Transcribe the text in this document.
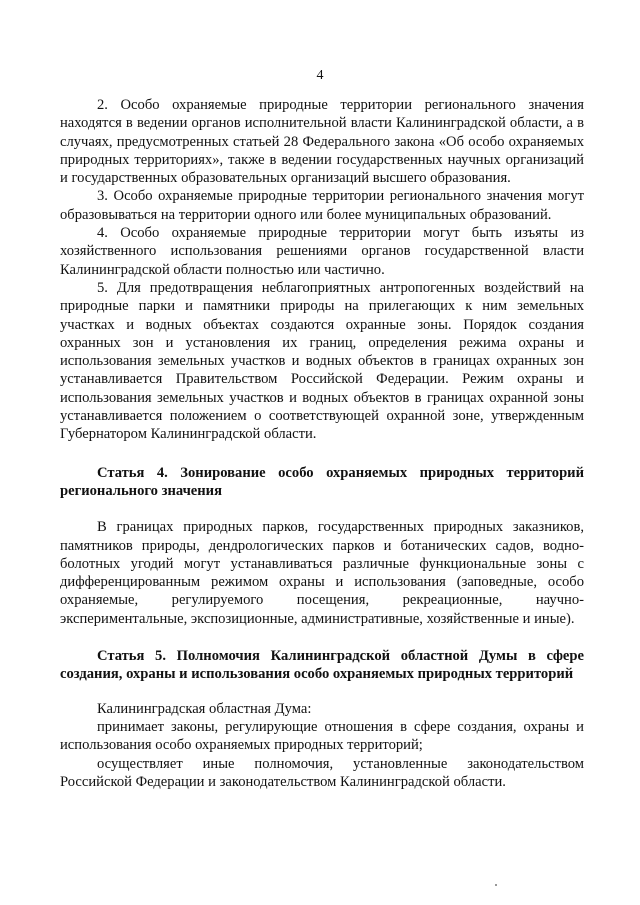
4

2. Особо охраняемые природные территории регионального значения находятся в ведении органов исполнительной власти Калининградской области, а в случаях, предусмотренных статьей 28 Федерального закона «Об особо охраняемых природных территориях», также в ведении государственных научных организаций и государственных образовательных организаций высшего образования.

3. Особо охраняемые природные территории регионального значения могут образовываться на территории одного или более муниципальных образований.

4. Особо охраняемые природные территории могут быть изъяты из хозяйственного использования решениями органов государственной власти Калининградской области полностью или частично.

5. Для предотвращения неблагоприятных антропогенных воздействий на природные парки и памятники природы на прилегающих к ним земельных участках и водных объектах создаются охранные зоны. Порядок создания охранных зон и установления их границ, определения режима охраны и использования земельных участков и водных объектов в границах охранных зон устанавливается Правительством Российской Федерации. Режим охраны и использования земельных участков и водных объектов в границах охранной зоны устанавливается положением о соответствующей охранной зоне, утвержденным Губернатором Калининградской области.

Статья 4. Зонирование особо охраняемых природных территорий регионального значения

В границах природных парков, государственных природных заказников, памятников природы, дендрологических парков и ботанических садов, водно-болотных угодий могут устанавливаться различные функциональные зоны с дифференцированным режимом охраны и использования (заповедные, особо охраняемые, регулируемого посещения, рекреационные, научно-экспериментальные, экспозиционные, административные, хозяйственные и иные).

Статья 5. Полномочия Калининградской областной Думы в сфере создания, охраны и использования особо охраняемых природных территорий

Калининградская областная Дума:

принимает законы, регулирующие отношения в сфере создания, охраны и использования особо охраняемых природных территорий;

осуществляет иные полномочия, установленные законодательством Российской Федерации и законодательством Калининградской области.
